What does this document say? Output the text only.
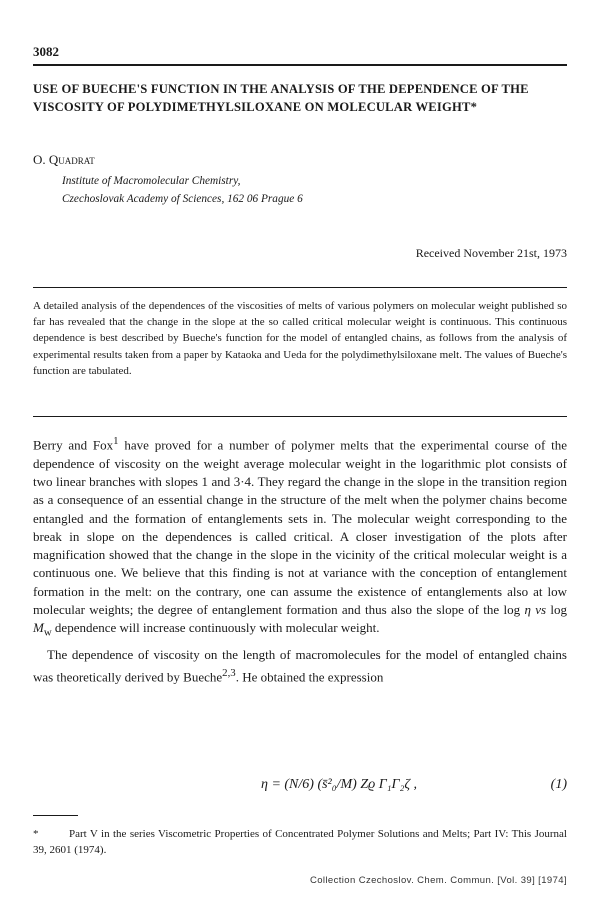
3082
USE OF BUECHE'S FUNCTION IN THE ANALYSIS OF THE DEPENDENCE OF THE VISCOSITY OF POLYDIMETHYLSILOXANE ON MOLECULAR WEIGHT*
O. Quadrat
Institute of Macromolecular Chemistry,
Czechoslovak Academy of Sciences, 162 06 Prague 6
Received November 21st, 1973

A detailed analysis of the dependences of the viscosities of melts of various polymers on molecular weight published so far has revealed that the change in the slope at the so called critical molecular weight is continuous. This continuous dependence is best described by Bueche's function for the model of entangled chains, as follows from the analysis of experimental results taken from a paper by Kataoka and Ueda for the polydimethylsiloxane melt. The values of Bueche's function are tabulated.

Berry and Fox$^1$ have proved for a number of polymer melts that the experimental course of the dependence of viscosity on the weight average molecular weight in the logarithmic plot consists of two linear branches with slopes 1 and 3·4. They regard the change in the slope in the transition region as a consequence of an essential change in the structure of the melt when the polymer chains become entangled and the formation of entanglements sets in. The molecular weight corresponding to the break in slope on the dependences is called critical. A closer investigation of the plots after magnification showed that the change in the slope in the vicinity of the critical molecular weight is a continuous one. We believe that this finding is not at variance with the conception of entanglement formation in the melt: on the contrary, one can assume the existence of entanglements also at low molecular weights; the degree of entanglement formation and thus also the slope of the log η vs $\log M_w$ dependence will increase continuously with molecular weight.

The dependence of viscosity on the length of macromolecules for the model of entangled chains was theoretically derived by Bueche$^{2,3}$. He obtained the expression

η = (N/6) (s̄²₀/M) Zϱ Γ₁Γ₂ζ ,	(1)

*	Part V in the series Viscometric Properties of Concentrated Polymer Solutions and Melts; Part IV: This Journal 39, 2601 (1974).

Collection Czechoslov. Chem. Commun. [Vol. 39] [1974]
